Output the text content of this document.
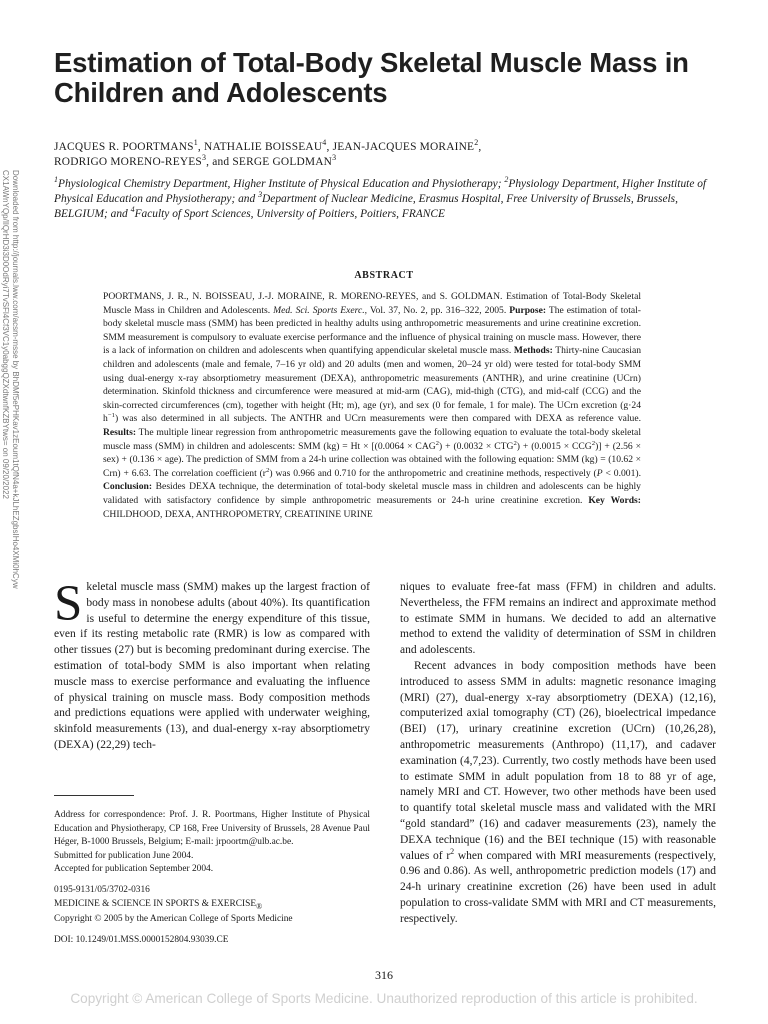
Downloaded from http://journals.lww.com/acsm-msse by BhDMf5ePHKav1zEoum1tQfN4a+kJLhEZgbsIHo4XMi0hCyw
CX1AWnYQp/IlQrHD3i3D0OdRyi7TvSFl4Cf3VC1y0abggQZXdtwnfKZBYtws= on 09/20/2022
Estimation of Total-Body Skeletal Muscle Mass in Children and Adolescents
JACQUES R. POORTMANS$^1$, NATHALIE BOISSEAU$^4$, JEAN-JACQUES MORAINE$^2$,
RODRIGO MORENO-REYES$^3$, and SERGE GOLDMAN$^3$
$^1$Physiological Chemistry Department, Higher Institute of Physical Education and Physiotherapy; $^2$Physiology Department, Higher Institute of Physical Education and Physiotherapy; and $^3$Department of Nuclear Medicine, Erasmus Hospital, Free University of Brussels, Brussels, BELGIUM; and $^4$Faculty of Sport Sciences, University of Poitiers, Poitiers, FRANCE
ABSTRACT
POORTMANS, J. R., N. BOISSEAU, J.-J. MORAINE, R. MORENO-REYES, and S. GOLDMAN. Estimation of Total-Body Skeletal Muscle Mass in Children and Adolescents. Med. Sci. Sports Exerc., Vol. 37, No. 2, pp. 316–322, 2005. Purpose: The estimation of total-body skeletal muscle mass (SMM) has been predicted in healthy adults using anthropometric measurements and urine creatinine excretion. SMM measurement is compulsory to evaluate exercise performance and the influence of physical training on muscle mass. However, there is a lack of information on children and adolescents when quantifying appendicular skeletal muscle mass. Methods: Thirty-nine Caucasian children and adolescents (male and female, 7–16 yr old) and 20 adults (men and women, 20–24 yr old) were tested for total-body SMM using dual-energy x-ray absorptiometry measurement (DEXA), anthropometric measurements (ANTHR), and urine creatinine (UCrn) determination. Skinfold thickness and circumference were measured at mid-arm (CAG), mid-thigh (CTG), and mid-calf (CCG) and the skin-corrected circumferences (cm), together with height (Ht; m), age (yr), and sex (0 for female, 1 for male). The UCrn excretion (g·24 $h^{-1}$) was also determined in all subjects. The ANTHR and UCrn measurements were then compared with DEXA as reference value. Results: The multiple linear regression from anthropometric measurements gave the following equation to evaluate the total-body skeletal muscle mass (SMM) in children and adolescents: SMM $(kg) = Ht \times [(0.0064 \times CAG^2) + (0.0032 \times CTG^2) + (0.0015 \times CCG^2)] + (2.56 \times sex) + (0.136 \times age)$. The prediction of SMM from a 24-h urine collection was obtained with the following equation: SMM (kg) = (10.62 × Crn) + 6.63. The correlation coefficient $(r^2)$ was 0.966 and 0.710 for the anthropometric and creatinine methods, respectively (P < 0.001). Conclusion: Besides DEXA technique, the determination of total-body skeletal muscle mass in children and adolescents can be highly validated with satisfactory confidence by simple anthropometric measurements or 24-h urine creatinine excretion. Key Words: CHILDHOOD, DEXA, ANTHROPOMETRY, CREATININE URINE

Skeletal muscle mass (SMM) makes up the largest fraction of body mass in nonobese adults (about 40%). Its quantification is useful to determine the energy expenditure of this tissue, even if its resting metabolic rate (RMR) is low as compared with other tissues (27) but is becoming predominant during exercise. The estimation of total-body SMM is also important when relating muscle mass to exercise performance and evaluating the influence of physical training on muscle mass. Body composition methods and predictions equations were applied with underwater weighing, skinfold measurements (13), and dual-energy x-ray absorptiometry (DEXA) (22,29) tech-

niques to evaluate free-fat mass (FFM) in children and adults. Nevertheless, the FFM remains an indirect and approximate method to estimate SMM in humans. We decided to add an alternative method to extend the validity of determination of SSM in children and adolescents.

Recent advances in body composition methods have been introduced to assess SMM in adults: magnetic resonance imaging (MRI) (27), dual-energy x-ray absorptiometry (DEXA) (12,16), computerized axial tomography (CT) (26), bioelectrical impedance (BEI) (17), urinary creatinine excretion (UCrn) (10,26,28), anthropometric measurements (Anthropo) (11,17), and cadaver examination (4,7,23). Currently, two costly methods have been used to estimate SMM in adult population from 18 to 88 yr of age, namely MRI and CT. However, two other methods have been used to quantify total skeletal muscle mass and validated with the MRI “gold standard” (16) and cadaver measurements (23), namely the DEXA technique (16) and the BEI technique (15) with reasonable values of $r^2$ when compared with MRI measurements (respectively, 0.96 and 0.86). As well, anthropometric prediction models (17) and 24-h urinary creatinine excretion (26) have been used in adult population to cross-validate SMM with MRI and CT measurements, respectively.

Address for correspondence: Prof. J. R. Poortmans, Higher Institute of Physical Education and Physiotherapy, CP 168, Free University of Brussels, 28 Avenue Paul Héger, B-1000 Brussels, Belgium; E-mail: jrpoortm@ulb.ac.be.

Submitted for publication June 2004.

Accepted for publication September 2004.

0195-9131/05/3702-0316

MEDICINE & SCIENCE IN SPORTS & $EXERCISE_®$

Copyright © 2005 by the American College of Sports Medicine

DOI: 10.1249/01.MSS.0000152804.93039.CE

316
Copyright © American College of Sports Medicine. Unauthorized reproduction of this article is prohibited.
